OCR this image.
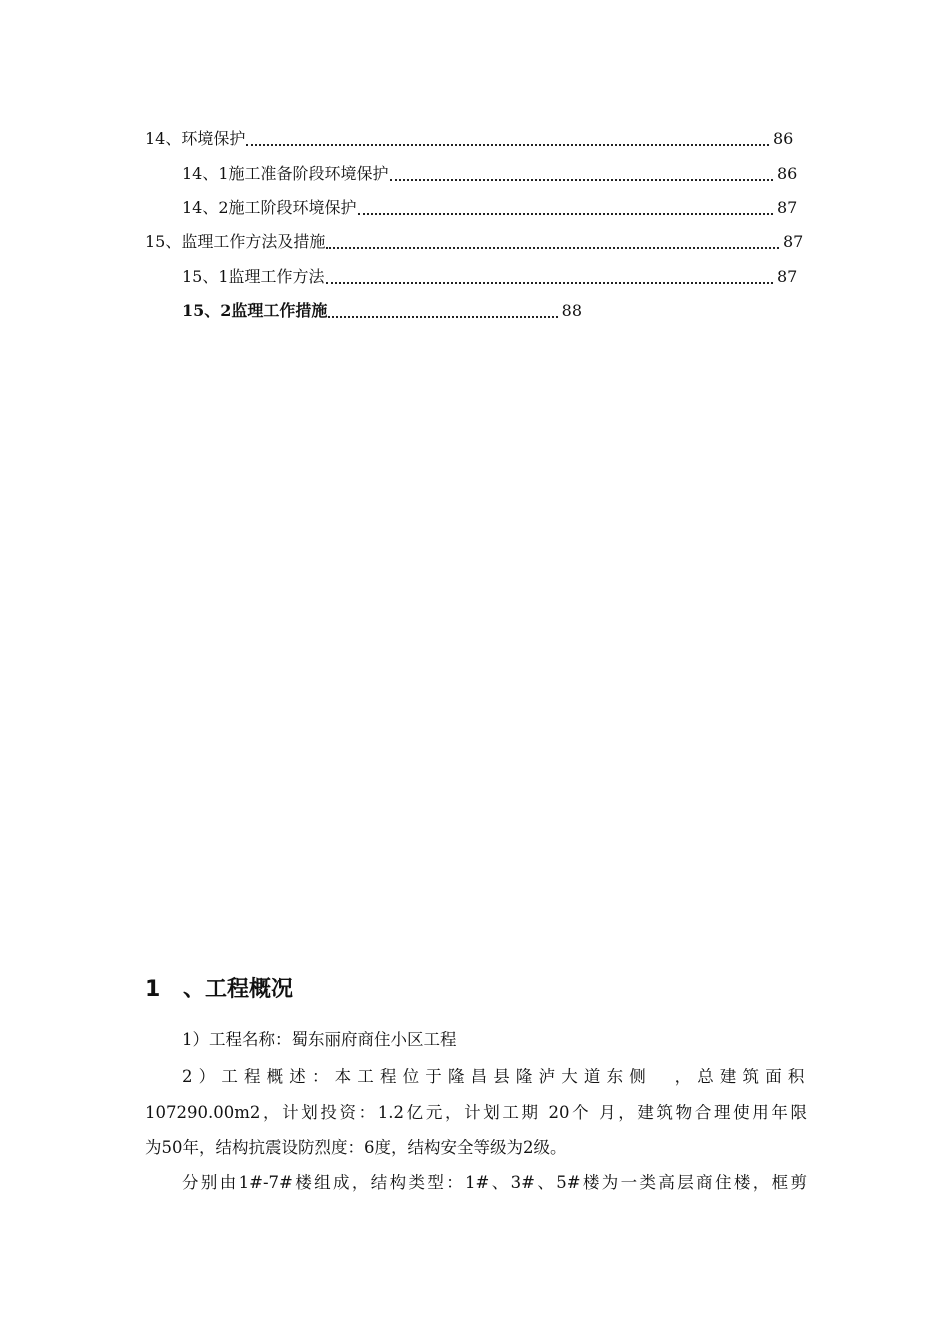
14、环境保护	86
14、1施工准备阶段环境保护	86
14、2施工阶段环境保护	87
15、监理工作方法及措施	87
15、1监理工作方法	87
15、2监理工作措施	88
1 、工程概况

1）工程名称：蜀东丽府商住小区工程

2）工程概述：本工程位于隆昌县隆泸大道东侧　，总建筑面积

107290.00m2，计划投资：1.2亿元，计划工期 20个 月，建筑物合理使用年限

为50年，结构抗震设防烈度：6度，结构安全等级为2级。

分别由1#-7#楼组成，结构类型：1#、3#、5#楼为一类高层商住楼，框剪
